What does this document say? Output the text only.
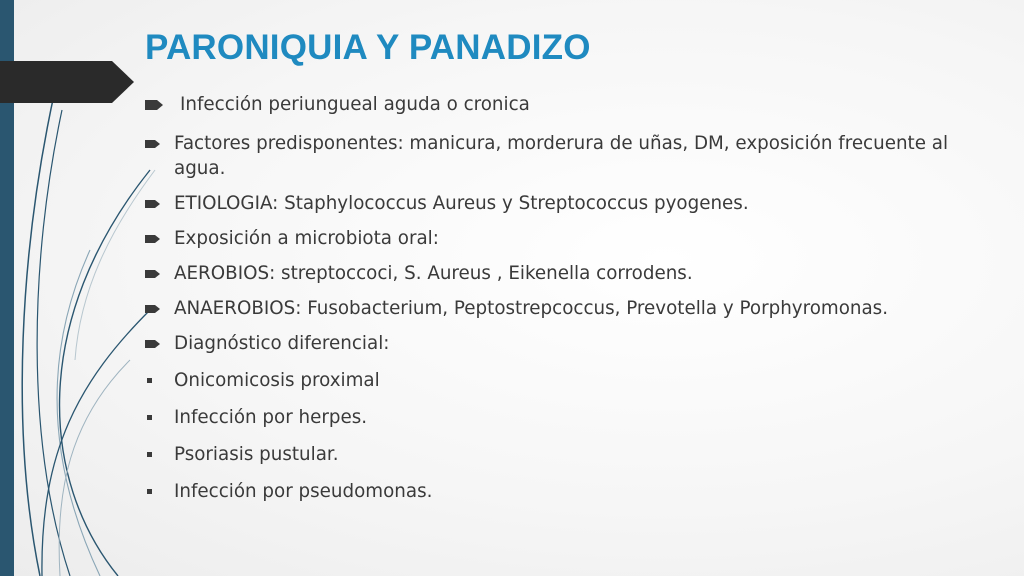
PARONIQUIA Y PANADIZO
Infección periungueal aguda o cronica
Factores predisponentes: manicura, morderura de uñas, DM, exposición frecuente al agua.
ETIOLOGIA: Staphylococcus Aureus y Streptococcus pyogenes.
Exposición a microbiota oral:
AEROBIOS: streptoccoci, S. Aureus , Eikenella corrodens.
ANAEROBIOS: Fusobacterium, Peptostrepcoccus, Prevotella y Porphyromonas.
Diagnóstico diferencial:
Onicomicosis proximal
Infección por herpes.
Psoriasis pustular.
Infección por pseudomonas.
